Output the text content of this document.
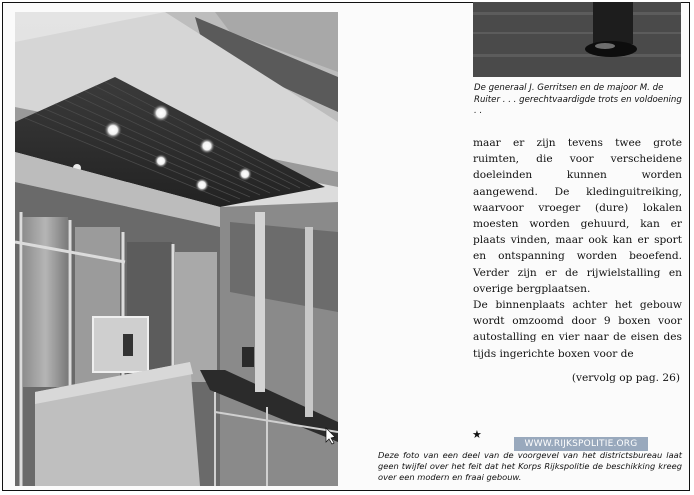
De generaal J. Gerritsen en de majoor M. de Ruiter . . . gerechtvaardigde trots en voldoening . .

maar er zijn tevens twee grote ruimten, die voor verscheidene doeleinden kunnen worden aangewend. De kledinguitreiking, waarvoor vroeger (dure) lokalen moesten worden gehuurd, kan er plaats vinden, maar ook kan er sport en ontspanning worden beoefend. Verder zijn er de rijwielstalling en overige bergplaatsen.

De binnenplaats achter het gebouw wordt omzoomd door 9 boxen voor autostalling en vier naar de eisen des tijds ingerichte boxen voor de

(vervolg op pag. 26)
★
WWW.RIJKSPOLITIE.ORG
Deze foto van een deel van de voorgevel van het districtsbureau laat geen twijfel over het feit dat het Korps Rijkspolitie de beschikking kreeg over een modern en fraai gebouw.
